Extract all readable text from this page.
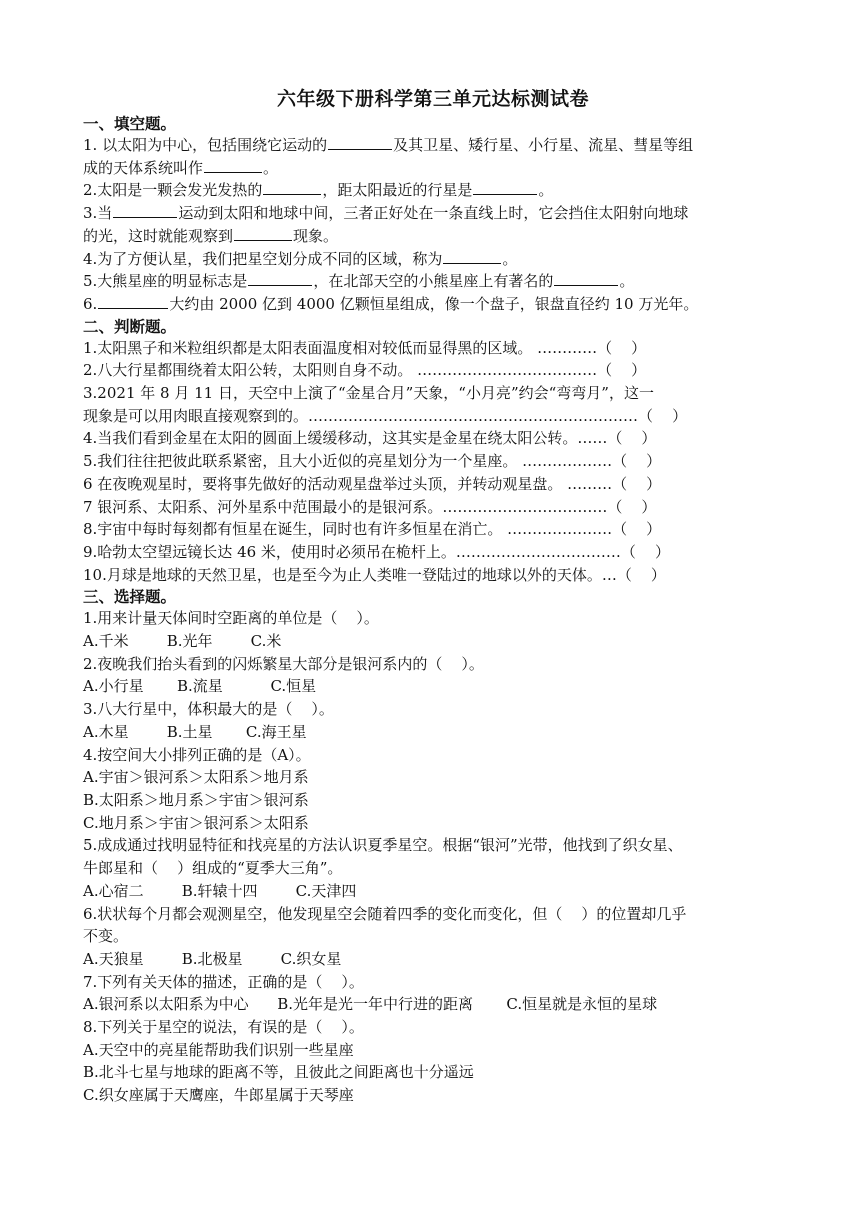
六年级下册科学第三单元达标测试卷
一、填空题。
1. 以太阳为中心，包括围绕它运动的	及其卫星、矮行星、小行星、流星、彗星等组
成的天体系统叫作	。
2.太阳是一颗会发光发热的	，距太阳最近的行星是	。
3.当	运动到太阳和地球中间，三者正好处在一条直线上时，它会挡住太阳射向地球
的光，这时就能观察到	现象。
4.为了方便认星，我们把星空划分成不同的区域，称为	。
5.大熊星座的明显标志是	，在北部天空的小熊星座上有著名的	。
6.	大约由 2000 亿到 4000 亿颗恒星组成，像一个盘子，银盘直径约 10 万光年。
二、判断题。
1.太阳黑子和米粒组织都是太阳表面温度相对较低而显得黑的区域。 …………（    ）
2.八大行星都围绕着太阳公转，太阳则自身不动。 ………………………………（    ）
3.2021 年 8 月 11 日，天空中上演了“金星合月”天象，“小月亮”约会“弯弯月”，这一
现象是可以用肉眼直接观察到的。…………………………………………………………（    ）
4.当我们看到金星在太阳的圆面上缓缓移动，这其实是金星在绕太阳公转。……（    ）
5.我们往往把彼此联系紧密，且大小近似的亮星划分为一个星座。 ………………（    ）
6 在夜晚观星时，要将事先做好的活动观星盘举过头顶，并转动观星盘。 ………（    ）
7 银河系、太阳系、河外星系中范围最小的是银河系。……………………………（    ）
8.宇宙中每时每刻都有恒星在诞生，同时也有许多恒星在消亡。 …………………（    ）
9.哈勃太空望远镜长达 46 米，使用时必须吊在桅杆上。……………………………（    ）
10.月球是地球的天然卫星，也是至今为止人类唯一登陆过的地球以外的天体。…（    ）
三、选择题。
1.用来计量天体间时空距离的单位是（    ）。
A.千米        B.光年        C.米
2.夜晚我们抬头看到的闪烁繁星大部分是银河系内的（    ）。
A.小行星       B.流星          C.恒星
3.八大行星中，体积最大的是（    ）。
A.木星        B.土星       C.海王星
4.按空间大小排列正确的是（A）。
A.宇宙＞银河系＞太阳系＞地月系
B.太阳系＞地月系＞宇宙＞银河系
C.地月系＞宇宙＞银河系＞太阳系
5.成成通过找明显特征和找亮星的方法认识夏季星空。根据“银河”光带，他找到了织女星、
牛郎星和（    ）组成的“夏季大三角”。
A.心宿二        B.轩辕十四        C.天津四
6.状状每个月都会观测星空，他发现星空会随着四季的变化而变化，但（    ）的位置却几乎
不变。
A.天狼星        B.北极星        C.织女星
7.下列有关天体的描述，正确的是（    ）。
A.银河系以太阳系为中心      B.光年是光一年中行进的距离       C.恒星就是永恒的星球
8.下列关于星空的说法，有误的是（    ）。
A.天空中的亮星能帮助我们识别一些星座
B.北斗七星与地球的距离不等，且彼此之间距离也十分遥远
C.织女座属于天鹰座，牛郎星属于天琴座
